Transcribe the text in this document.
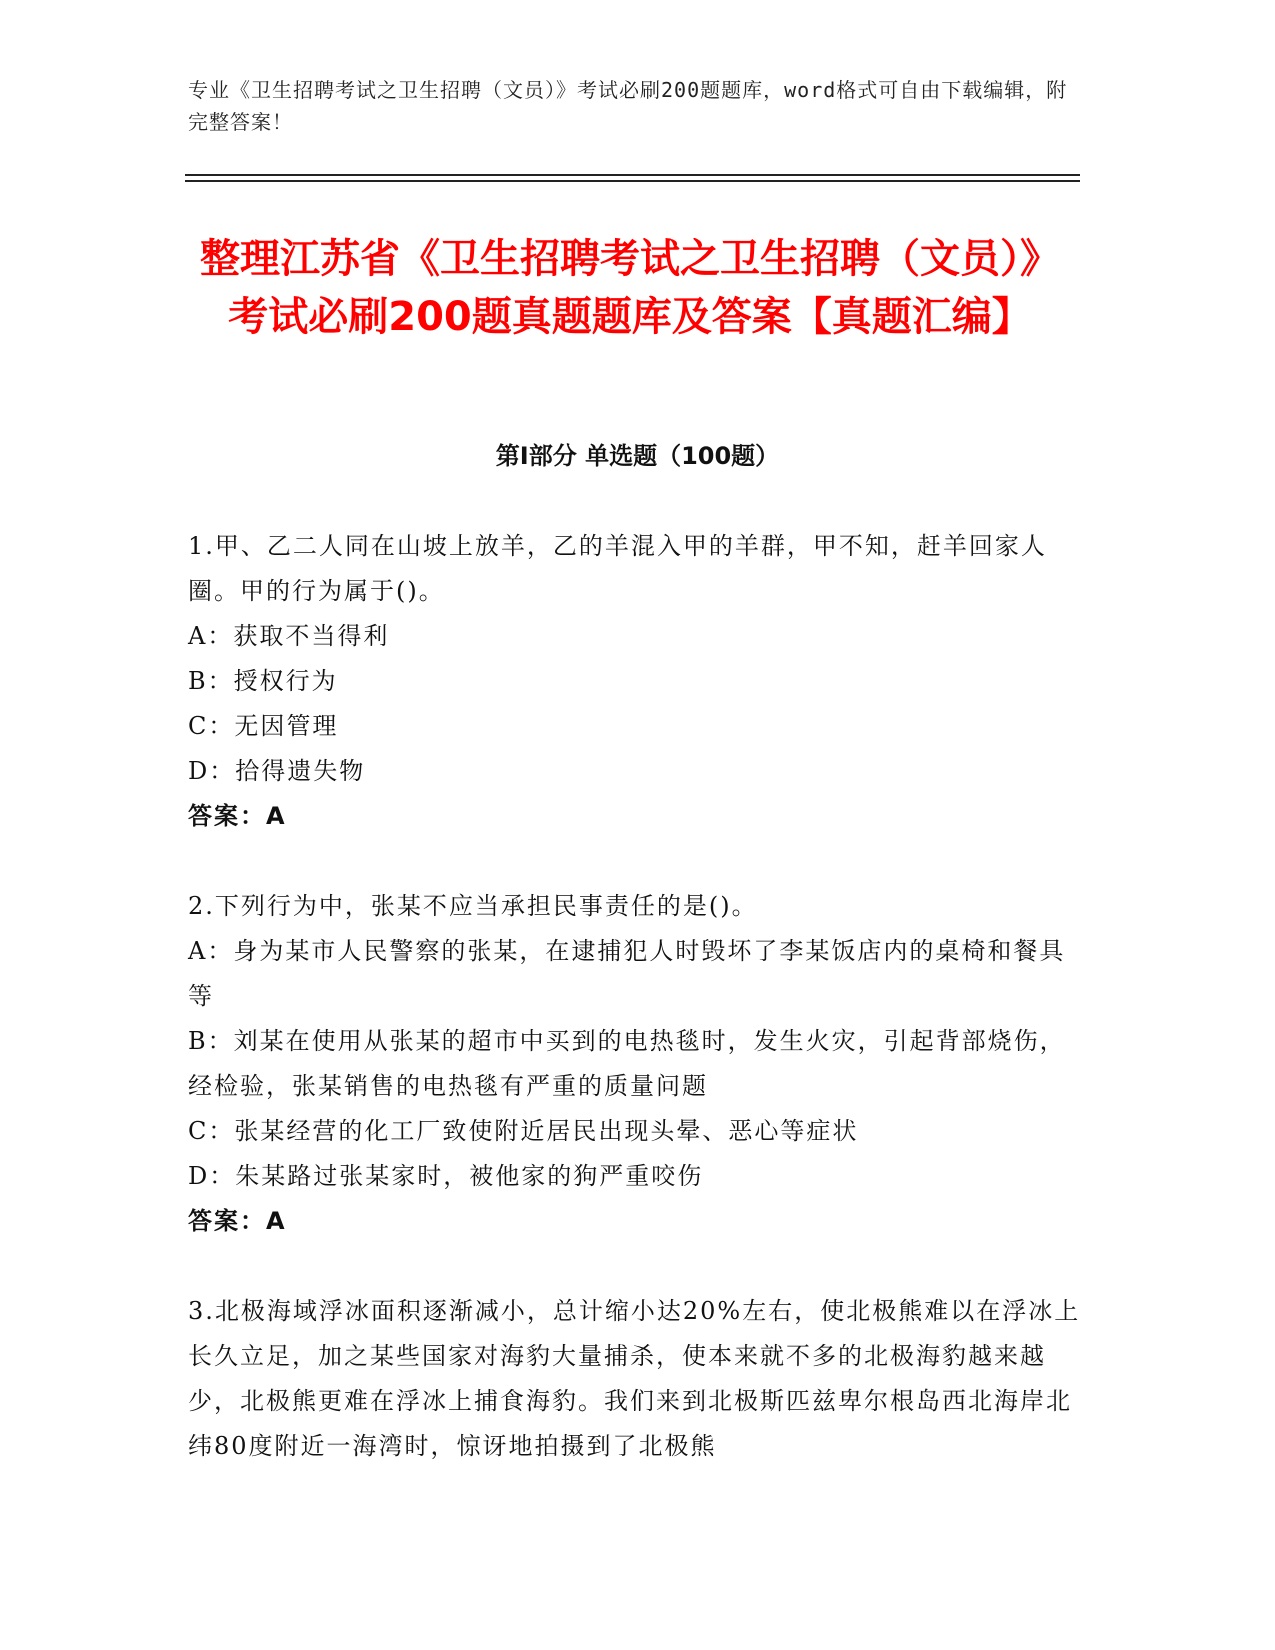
专业《卫生招聘考试之卫生招聘（文员）》考试必刷200题题库，word格式可自由下载编辑，附完整答案！
整理江苏省《卫生招聘考试之卫生招聘（文员）》考试必刷200题真题题库及答案【真题汇编】
第I部分 单选题（100题）

1.甲、乙二人同在山坡上放羊，乙的羊混入甲的羊群，甲不知，赶羊回家人圈。甲的行为属于()。

A：获取不当得利

B：授权行为

C：无因管理

D：拾得遗失物

答案：A

2.下列行为中，张某不应当承担民事责任的是()。

A：身为某市人民警察的张某，在逮捕犯人时毁坏了李某饭店内的桌椅和餐具等

B：刘某在使用从张某的超市中买到的电热毯时，发生火灾，引起背部烧伤，经检验，张某销售的电热毯有严重的质量问题

C：张某经营的化工厂致使附近居民出现头晕、恶心等症状

D：朱某路过张某家时，被他家的狗严重咬伤

答案：A

3.北极海域浮冰面积逐渐减小，总计缩小达20%左右，使北极熊难以在浮冰上长久立足，加之某些国家对海豹大量捕杀，使本来就不多的北极海豹越来越少，北极熊更难在浮冰上捕食海豹。我们来到北极斯匹兹卑尔根岛西北海岸北纬80度附近一海湾时，惊讶地拍摄到了北极熊
